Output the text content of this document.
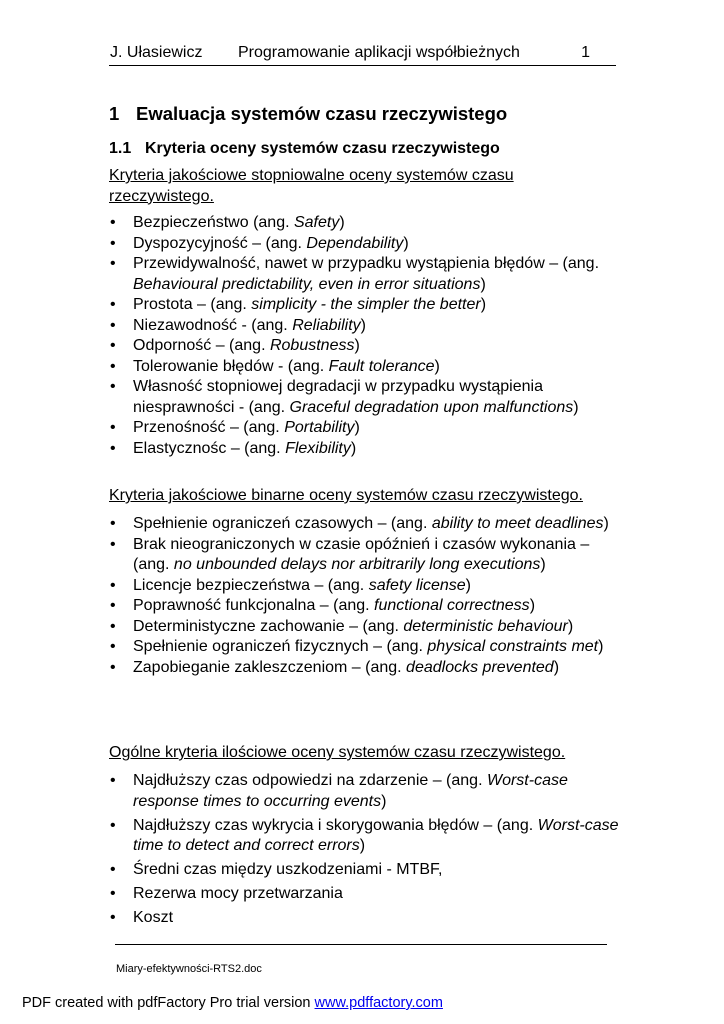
J. Ułasiewicz Programowanie aplikacji współbieżnych	1
1 Ewaluacja systemów czasu rzeczywistego
1.1 Kryteria oceny systemów czasu rzeczywistego

Kryteria jakościowe stopniowalne oceny systemów czasu rzeczywistego.

• Bezpieczeństwo (ang. Safety)
• Dyspozycyjność – (ang. Dependability)
• Przewidywalność, nawet w przypadku wystąpienia błędów – (ang. Behavioural predictability, even in error situations)
• Prostota – (ang. simplicity - the simpler the better)
• Niezawodność - (ang. Reliability)
• Odporność – (ang. Robustness)
• Tolerowanie błędów - (ang. Fault tolerance)
• Własność stopniowej degradacji w przypadku wystąpienia niesprawności - (ang. Graceful degradation upon malfunctions)
• Przenośność – (ang. Portability)
• Elastycznośc – (ang. Flexibility)

Kryteria jakościowe binarne oceny systemów czasu rzeczywistego.

• Spełnienie ograniczeń czasowych – (ang. ability to meet deadlines)
• Brak nieograniczonych w czasie opóźnień i czasów wykonania – (ang. no unbounded delays nor arbitrarily long executions)
• Licencje bezpieczeństwa – (ang. safety license)
• Poprawność funkcjonalna – (ang. functional correctness)
• Deterministyczne zachowanie – (ang. deterministic behaviour)
• Spełnienie ograniczeń fizycznych – (ang. physical constraints met)
• Zapobieganie zakleszczeniom – (ang. deadlocks prevented)

Ogólne kryteria ilościowe oceny systemów czasu rzeczywistego.

• Najdłuższy czas odpowiedzi na zdarzenie – (ang. Worst-case response times to occurring events)
• Najdłuższy czas wykrycia i skorygowania błędów – (ang. Worst-case time to detect and correct errors)
• Średni czas między uszkodzeniami - MTBF,
• Rezerwa mocy przetwarzania
• Koszt
Miary-efektywności-RTS2.doc
PDF created with pdfFactory Pro trial version www.pdffactory.com
